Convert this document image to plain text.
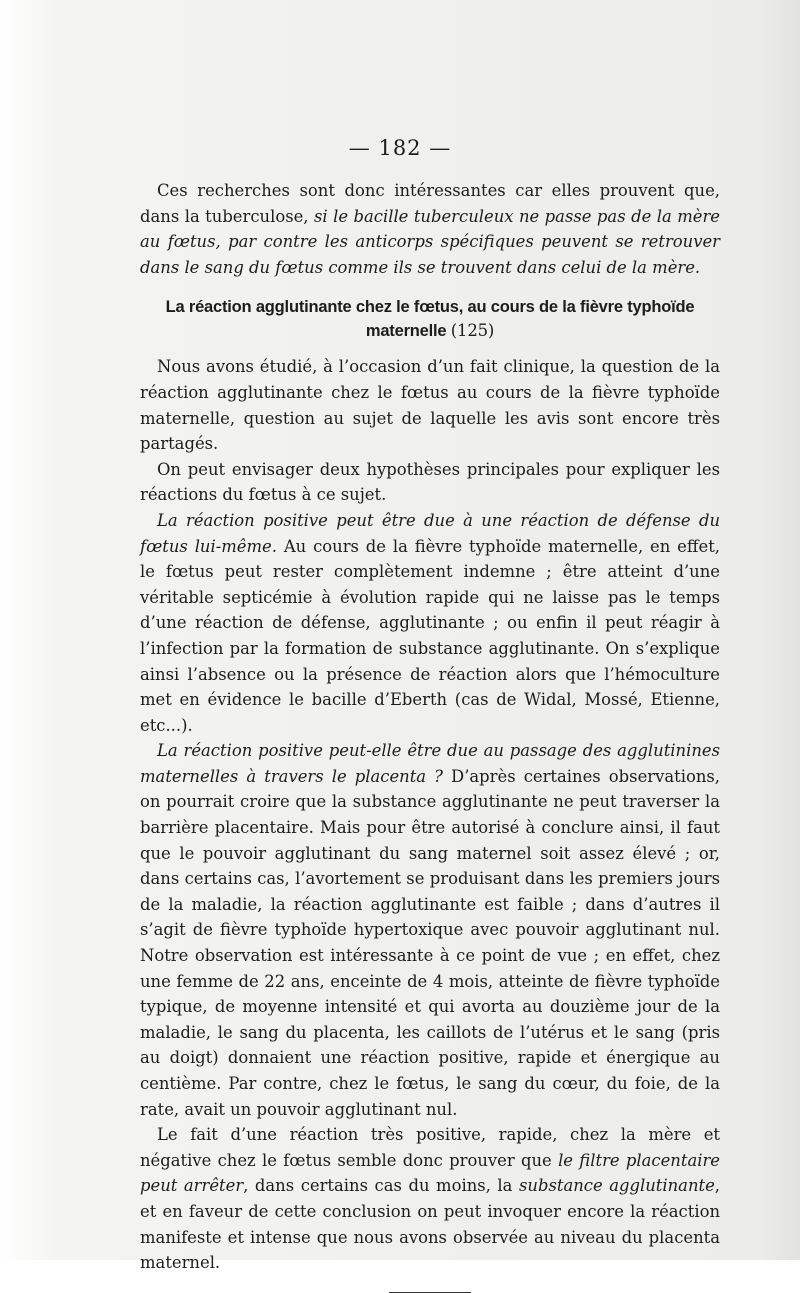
— 182 —

Ces recherches sont donc intéressantes car elles prouvent que, dans la tuberculose, si le bacille tuberculeux ne passe pas de la mère au fœtus, par contre les anticorps spécifiques peuvent se retrouver dans le sang du fœtus comme ils se trouvent dans celui de la mère.

La réaction agglutinante chez le fœtus, au cours de la fièvre typhoïde maternelle (125)

Nous avons étudié, à l’occasion d’un fait clinique, la question de la réaction agglutinante chez le fœtus au cours de la fièvre typhoïde maternelle, question au sujet de laquelle les avis sont encore très partagés.

On peut envisager deux hypothèses principales pour expliquer les réactions du fœtus à ce sujet.

La réaction positive peut être due à une réaction de défense du fœtus lui-même. Au cours de la fièvre typhoïde maternelle, en effet, le fœtus peut rester complètement indemne ; être atteint d’une véritable septicémie à évolution rapide qui ne laisse pas le temps d’une réaction de défense, agglutinante ; ou enfin il peut réagir à l’infection par la formation de substance agglutinante. On s’explique ainsi l’absence ou la présence de réaction alors que l’hémoculture met en évidence le bacille d’Eberth (cas de Widal, Mossé, Etienne, etc...).

La réaction positive peut-elle être due au passage des agglutinines maternelles à travers le placenta ? D’après certaines observations, on pourrait croire que la substance agglutinante ne peut traverser la barrière placentaire. Mais pour être autorisé à conclure ainsi, il faut que le pouvoir agglutinant du sang maternel soit assez élevé ; or, dans certains cas, l’avortement se produisant dans les premiers jours de la maladie, la réaction agglutinante est faible ; dans d’autres il s’agit de fièvre typhoïde hypertoxique avec pouvoir agglutinant nul. Notre observation est intéressante à ce point de vue ; en effet, chez une femme de 22 ans, enceinte de 4 mois, atteinte de fièvre typhoïde typique, de moyenne intensité et qui avorta au douzième jour de la maladie, le sang du placenta, les caillots de l’utérus et le sang (pris au doigt) donnaient une réaction positive, rapide et énergique au centième. Par contre, chez le fœtus, le sang du cœur, du foie, de la rate, avait un pouvoir agglutinant nul.

Le fait d’une réaction très positive, rapide, chez la mère et négative chez le fœtus semble donc prouver que le filtre placentaire peut arrêter, dans certains cas du moins, la substance agglutinante, et en faveur de cette conclusion on peut invoquer encore la réaction manifeste et intense que nous avons observée au niveau du placenta maternel.
